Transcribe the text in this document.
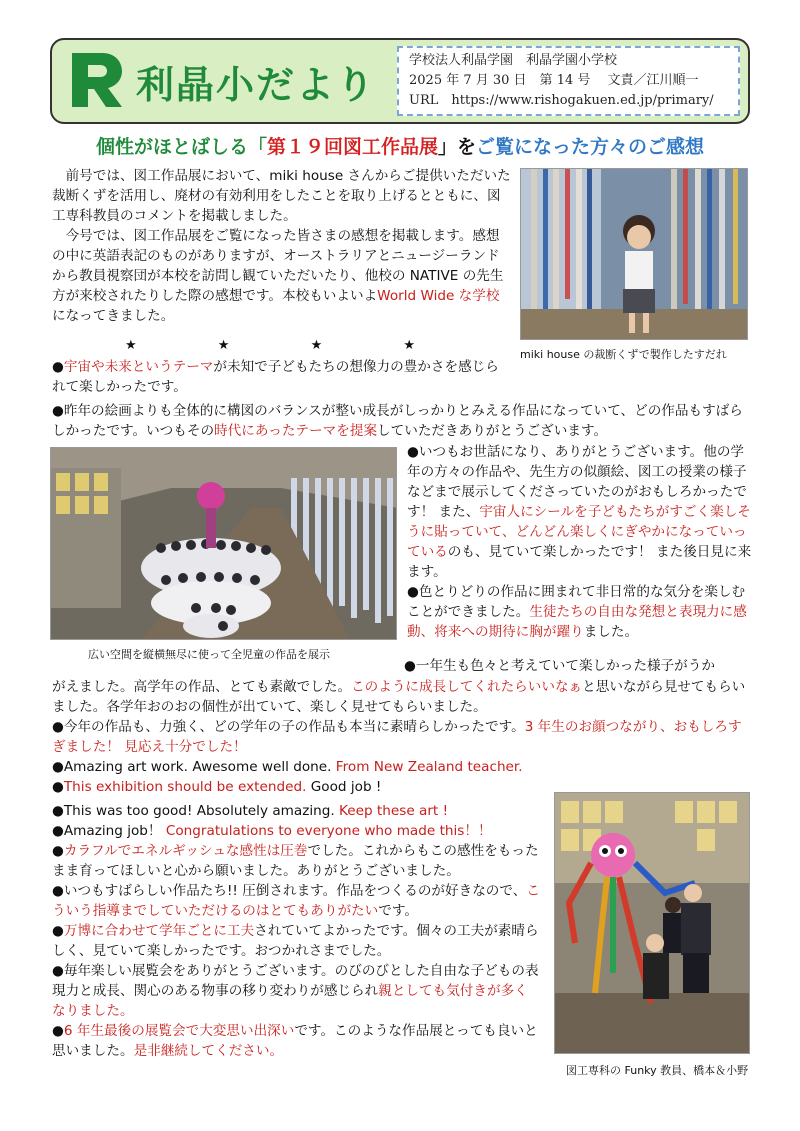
R
利晶小だより
学校法人利晶学園　利晶学園小学校
2025 年 7 月 30 日　第 14 号　 文責／江川順一
URL　https://www.rishogakuen.ed.jp/primary/
個性がほとばしる「第１９回図工作品展」をご覧になった方々のご感想

　前号では、図工作品展において、miki house さんからご提供いただいた裁断くずを活用し、廃材の有効利用をしたことを取り上げるとともに、図工専科教員のコメントを掲載しました。

　今号では、図工作品展をご覧になった皆さまの感想を掲載します。感想の中に英語表記のものがありますが、オーストラリアとニュージーランドから教員視察団が本校を訪問し観ていただいたり、他校の NATIVE の先生方が来校されたりした際の感想です。本校もいよいよWorld Wide な学校になってきました。

★	★	★	★
miki house の裁断くずで製作したすだれ

●宇宙や未来というテーマが未知で子どもたちの想像力の豊かさを感じられて楽しかったです。

●昨年の絵画よりも全体的に構図のバランスが整い成長がしっかりとみえる作品になっていて、どの作品もすばらしかったです。いつもその時代にあったテーマを提案していただきありがとうございます。

広い空間を縦横無尽に使って全児童の作品を展示

●いつもお世話になり、ありがとうございます。他の学年の方々の作品や、先生方の似顔絵、図工の授業の様子などまで展示してくださっていたのがおもしろかったです！ また、宇宙人にシールを子どもたちがすごく楽しそうに貼っていて、どんどん楽しくにぎやかになっていっているのも、見ていて楽しかったです！ また後日見に来ます。

●色とりどりの作品に囲まれて非日常的な気分を楽しむことができました。生徒たちの自由な発想と表現力に感動、将来への期待に胸が躍りました。

●一年生も色々と考えていて楽しかった様子がうか

がえました。高学年の作品、とても素敵でした。このように成長してくれたらいいなぁと思いながら見せてもらいました。各学年おのおの個性が出ていて、楽しく見せてもらいました。

●今年の作品も、力強く、どの学年の子の作品も本当に素晴らしかったです。3 年生のお顔つながり、おもしろすぎました！ 見応え十分でした！

●Amazing art work. Awesome well done. From New Zealand teacher.

●This exhibition should be extended. Good job !

●This was too good! Absolutely amazing. Keep these art !

●Amazing job！ Congratulations to everyone who made this！！

●カラフルでエネルギッシュな感性は圧巻でした。これからもこの感性をもったまま育ってほしいと心から願いました。ありがとうございました。

●いつもすばらしい作品たち!! 圧倒されます。作品をつくるのが好きなので、こういう指導までしていただけるのはとてもありがたいです。

●万博に合わせて学年ごとに工夫されていてよかったです。個々の工夫が素晴らしく、見ていて楽しかったです。おつかれさまでした。

●毎年楽しい展覧会をありがとうございます。のびのびとした自由な子どもの表現力と成長、関心のある物事の移り変わりが感じられ親としても気付きが多くなりました。

●6 年生最後の展覧会で大変思い出深いです。このような作品展とっても良いと思いました。是非継続してください。

図工専科の Funky 教員、橋本＆小野
